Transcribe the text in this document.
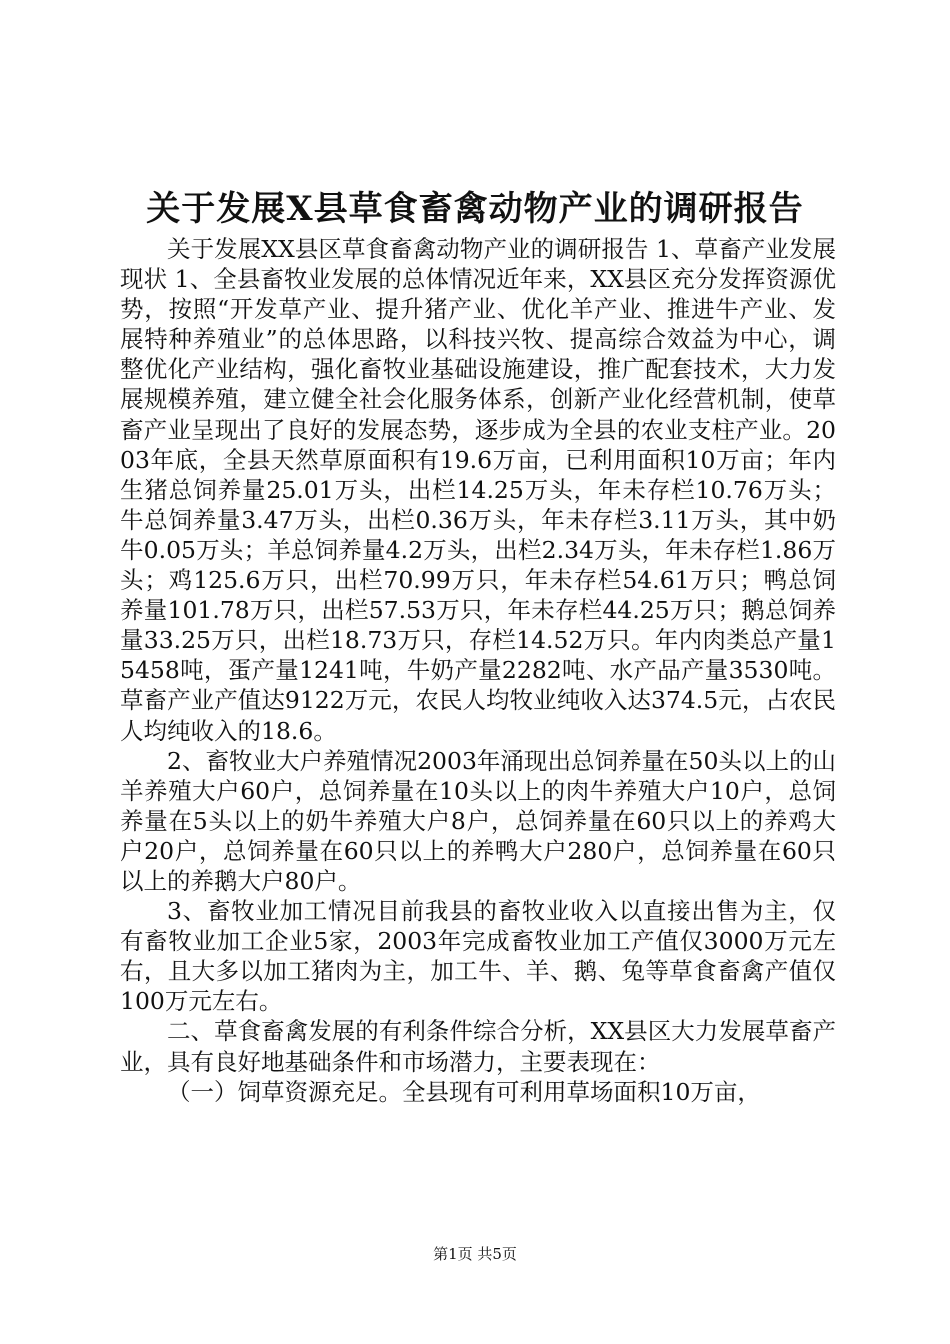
关于发展X县草食畜禽动物产业的调研报告

关于发展XX县区草食畜禽动物产业的调研报告 1、草畜产业发展现状 1、全县畜牧业发展的总体情况近年来，XX县区充分发挥资源优势，按照“开发草产业、提升猪产业、优化羊产业、推进牛产业、发展特种养殖业”的总体思路，以科技兴牧、提高综合效益为中心，调整优化产业结构，强化畜牧业基础设施建设，推广配套技术，大力发展规模养殖，建立健全社会化服务体系，创新产业化经营机制，使草畜产业呈现出了良好的发展态势，逐步成为全县的农业支柱产业。2003年底，全县天然草原面积有19.6万亩，已利用面积10万亩；年内生猪总饲养量25.01万头，出栏14.25万头，年未存栏10.76万头；牛总饲养量3.47万头，出栏0.36万头，年未存栏3.11万头，其中奶牛0.05万头；羊总饲养量4.2万头，出栏2.34万头，年未存栏1.86万头；鸡125.6万只，出栏70.99万只，年未存栏54.61万只；鸭总饲养量101.78万只，出栏57.53万只，年未存栏44.25万只；鹅总饲养量33.25万只，出栏18.73万只，存栏14.52万只。年内肉类总产量15458吨，蛋产量1241吨，牛奶产量2282吨、水产品产量3530吨。草畜产业产值达9122万元，农民人均牧业纯收入达374.5元，占农民人均纯收入的18.6。

2、畜牧业大户养殖情况2003年涌现出总饲养量在50头以上的山羊养殖大户60户，总饲养量在10头以上的肉牛养殖大户10户，总饲养量在5头以上的奶牛养殖大户8户，总饲养量在60只以上的养鸡大户20户，总饲养量在60只以上的养鸭大户280户，总饲养量在60只以上的养鹅大户80户。

3、畜牧业加工情况目前我县的畜牧业收入以直接出售为主，仅有畜牧业加工企业5家，2003年完成畜牧业加工产值仅3000万元左右，且大多以加工猪肉为主，加工牛、羊、鹅、兔等草食畜禽产值仅100万元左右。

二、草食畜禽发展的有利条件综合分析，XX县区大力发展草畜产业，具有良好地基础条件和市场潜力，主要表现在：

（一）饲草资源充足。全县现有可利用草场面积10万亩，

第1页 共5页
